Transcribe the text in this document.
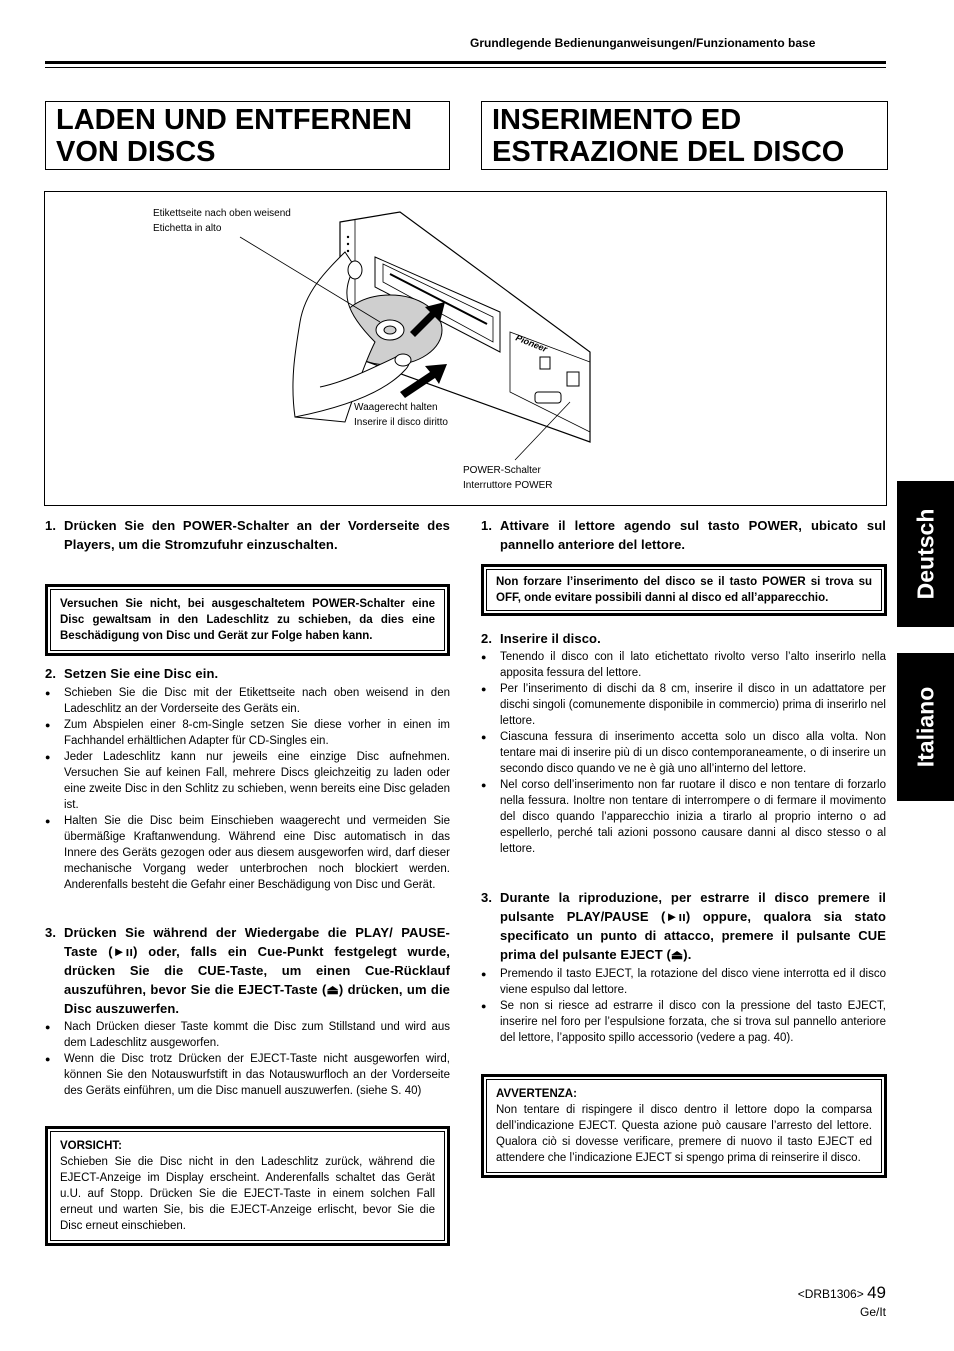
Grundlegende Bedienunganweisungen/Funzionamento base
LADEN UND ENTFERNEN VON DISCS
INSERIMENTO ED ESTRAZIONE DEL DISCO
Pioneer
Etikettseite nach oben weisend
Etichetta in alto
Waagerecht halten
Inserire il disco diritto
POWER-Schalter
Interruttore POWER
1. Drücken Sie den POWER-Schalter an der Vorderseite des Players, um die Stromzufuhr einzuschalten.
Versuchen Sie nicht, bei ausgeschaltetem POWER-Schalter eine Disc gewaltsam in den Ladeschlitz zu schieben, da dies eine Beschädigung von Disc und Gerät zur Folge haben kann.
2. Setzen Sie eine Disc ein.
● Schieben Sie die Disc mit der Etikettseite nach oben weisend in den Ladeschlitz an der Vorderseite des Geräts ein.
● Zum Abspielen einer 8-cm-Single setzen Sie diese vorher in einen im Fachhandel erhältlichen Adapter für CD-Singles ein.
● Jeder Ladeschlitz kann nur jeweils eine einzige Disc aufnehmen. Versuchen Sie auf keinen Fall, mehrere Discs gleichzeitig zu laden oder eine zweite Disc in den Schlitz zu schieben, wenn bereits eine Disc geladen ist.
● Halten Sie die Disc beim Einschieben waagerecht und vermeiden Sie übermäßige Kraftanwendung. Während eine Disc automatisch in das Innere des Geräts gezogen oder aus diesem ausgeworfen wird, darf dieser mechanische Vorgang weder unterbrochen noch blockiert werden. Anderenfalls besteht die Gefahr einer Beschädigung von Disc und Gerät.
3. Drücken Sie während der Wiedergabe die PLAY/ PAUSE-Taste (►ıı) oder, falls ein Cue-Punkt festgelegt wurde, drücken Sie die CUE-Taste, um einen Cue-Rücklauf auszuführen, bevor Sie die EJECT-Taste (⏏) drücken, um die Disc auszuwerfen.
● Nach Drücken dieser Taste kommt die Disc zum Stillstand und wird aus dem Ladeschlitz ausgeworfen.
● Wenn die Disc trotz Drücken der EJECT-Taste nicht ausgeworfen wird, können Sie den Notauswurfstift in das Notauswurfloch an der Vorderseite des Geräts einführen, um die Disc manuell auszuwerfen. (siehe S. 40)
VORSICHT:
Schieben Sie die Disc nicht in den Ladeschlitz zurück, während die EJECT-Anzeige im Display erscheint. Anderenfalls schaltet das Gerät u.U. auf Stopp. Drücken Sie die EJECT-Taste in einem solchen Fall erneut und warten Sie, bis die EJECT-Anzeige erlischt, bevor Sie die Disc erneut einschieben.
1. Attivare il lettore agendo sul tasto POWER, ubicato sul pannello anteriore del lettore.
Non forzare l’inserimento del disco se il tasto POWER si trova su OFF, onde evitare possibili danni al disco ed all’apparecchio.
2. Inserire il disco.
● Tenendo il disco con il lato etichettato rivolto verso l’alto inserirlo nella apposita fessura del lettore.
● Per l’inserimento di dischi da 8 cm, inserire il disco in un adattatore per dischi singoli (comunemente disponibile in commercio) prima di inserirlo nel lettore.
● Ciascuna fessura di inserimento accetta solo un disco alla volta. Non tentare mai di inserire più di un disco contemporaneamente, o di inserire un secondo disco quando ve ne è già uno all’interno del lettore.
● Nel corso dell’inserimento non far ruotare il disco e non tentare di forzarlo nella fessura. Inoltre non tentare di interrompere o di fermare il movimento del disco quando l’apparecchio inizia a tirarlo al proprio interno o ad espellerlo, perché tali azioni possono causare danni al disco stesso o al lettore.
3. Durante la riproduzione, per estrarre il disco premere il pulsante PLAY/PAUSE (►ıı) oppure, qualora sia stato specificato un punto di attacco, premere il pulsante CUE prima del pulsante EJECT (⏏).
● Premendo il tasto EJECT, la rotazione del disco viene interrotta ed il disco viene espulso dal lettore.
● Se non si riesce ad estrarre il disco con la pressione del tasto EJECT, inserire nel foro per l’espulsione forzata, che si trova sul pannello anteriore del lettore, l’apposito spillo accessorio (vedere a pag. 40).
AVVERTENZA:
Non tentare di rispingere il disco dentro il lettore dopo la comparsa dell’indicazione EJECT. Questa azione può causare l’arresto del lettore. Qualora ciò si dovesse verificare, premere di nuovo il tasto EJECT ed attendere che l’indicazione EJECT si spengo prima di reinserire il disco.
Deutsch
Italiano
<DRB1306> 49
Ge/It
